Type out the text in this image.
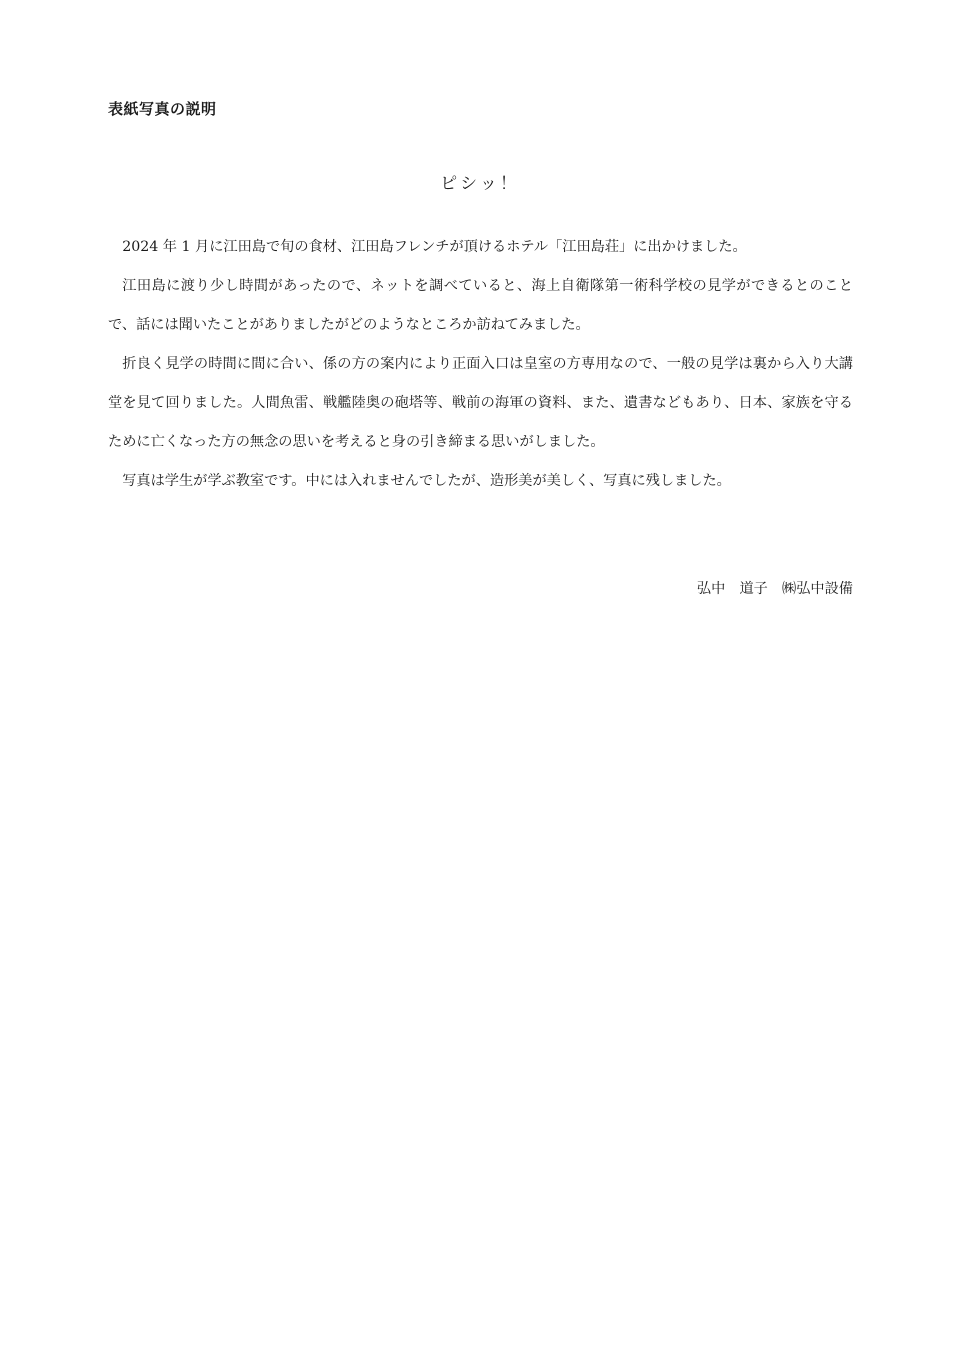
表紙写真の説明
ピシッ！

2024 年 1 月に江田島で旬の食材、江田島フレンチが頂けるホテル「江田島荘」に出かけました。

江田島に渡り少し時間があったので、ネットを調べていると、海上自衛隊第一術科学校の見学ができるとのことで、話には聞いたことがありましたがどのようなところか訪ねてみました。

折良く見学の時間に間に合い、係の方の案内により正面入口は皇室の方専用なので、一般の見学は裏から入り大講堂を見て回りました。人間魚雷、戦艦陸奥の砲塔等、戦前の海軍の資料、また、遺書などもあり、日本、家族を守るために亡くなった方の無念の思いを考えると身の引き締まる思いがしました。

写真は学生が学ぶ教室です。中には入れませんでしたが、造形美が美しく、写真に残しました。

弘中　道子　㈱弘中設備
